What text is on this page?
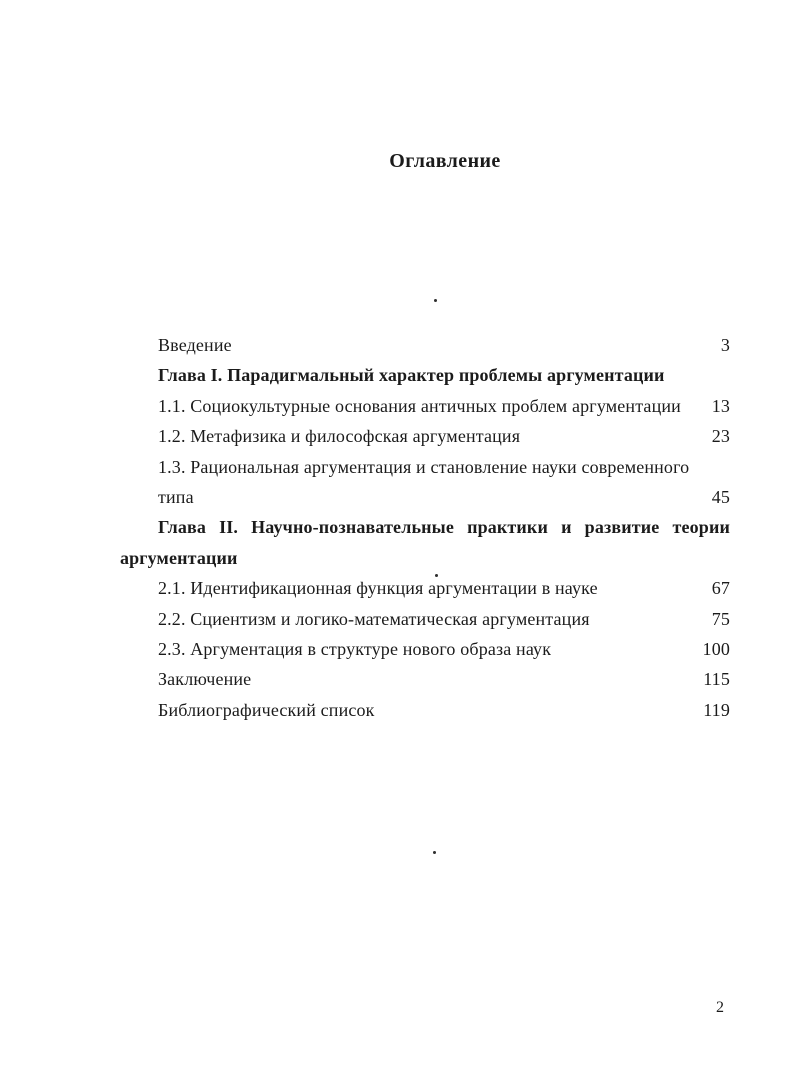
Оглавление
Введение	3
Глава I. Парадигмальный характер проблемы аргументации
1.1. Социокультурные основания античных проблем аргументации	13
1.2. Метафизика и философская аргументация	23
1.3. Рациональная аргументация и становление науки современного
типа	45
Глава II. Научно-познавательные практики и развитие теории
аргументации
2.1. Идентификационная функция аргументации в науке	67
2.2. Сциентизм и логико-математическая аргументация	75
2.3. Аргументация в структуре нового образа наук	100
Заключение	115
Библиографический список	119
2
